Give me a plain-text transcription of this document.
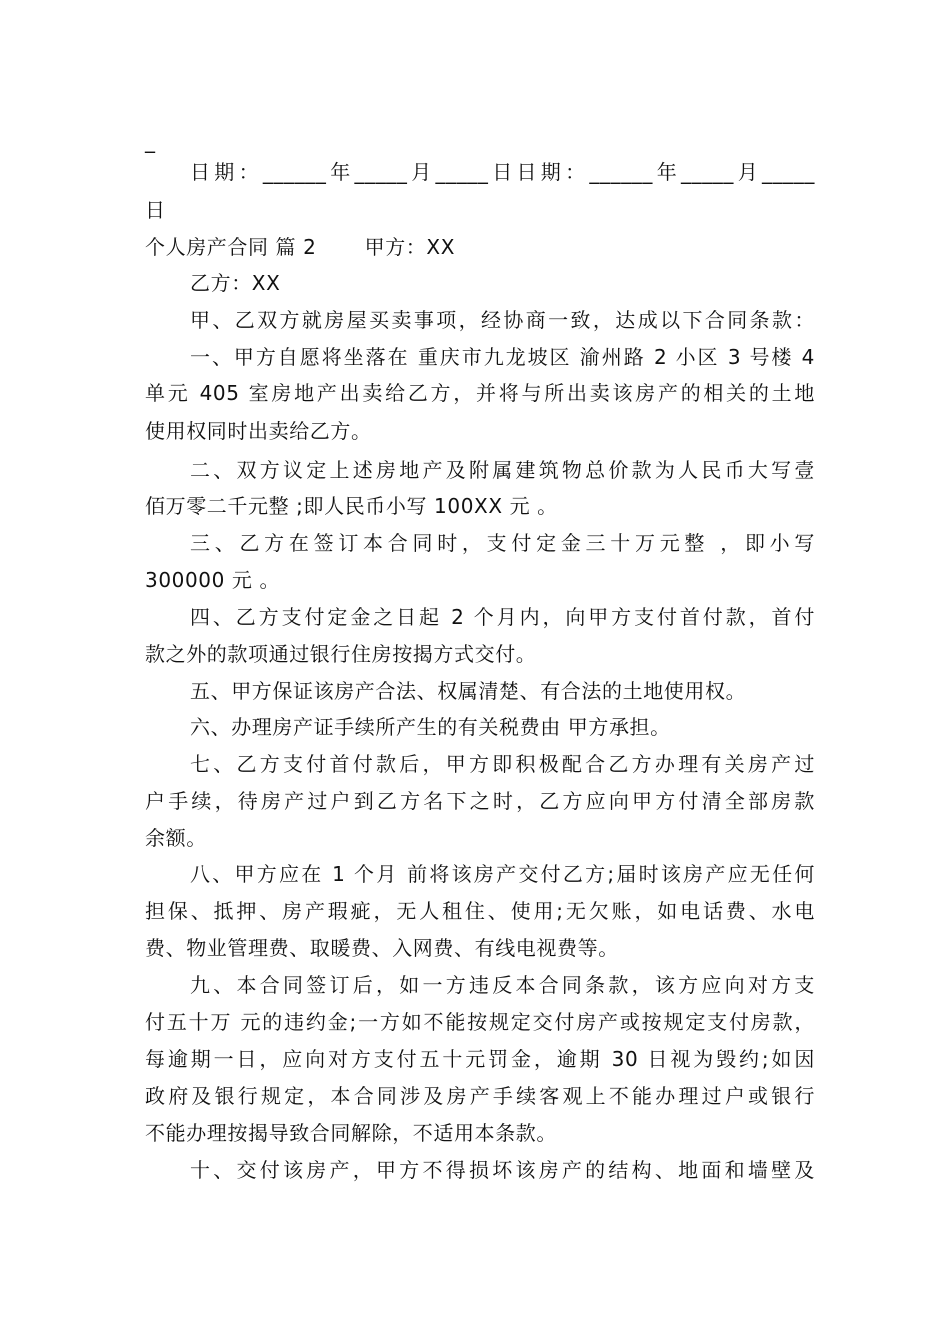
_
日期：______年_____月_____日日期：______年_____月_____
日
个人房产合同 篇 2 　　甲方：XX
乙方：XX
甲、乙双方就房屋买卖事项，经协商一致，达成以下合同条款：
一、甲方自愿将坐落在 重庆市九龙坡区 渝州路 2 小区 3 号楼 4
单元 405 室房地产出卖给乙方，并将与所出卖该房产的相关的土地
使用权同时出卖给乙方。
二、双方议定上述房地产及附属建筑物总价款为人民币大写壹
佰万零二千元整 ;即人民币小写 100XX 元 。
三、乙方在签订本合同时，支付定金三十万元整 ，即小写
300000 元 。
四、乙方支付定金之日起 2 个月内，向甲方支付首付款，首付
款之外的款项通过银行住房按揭方式交付。
五、甲方保证该房产合法、权属清楚、有合法的土地使用权。
六、办理房产证手续所产生的有关税费由 甲方承担。
七、乙方支付首付款后，甲方即积极配合乙方办理有关房产过
户手续，待房产过户到乙方名下之时，乙方应向甲方付清全部房款
余额。
八、甲方应在 1 个月 前将该房产交付乙方;届时该房产应无任何
担保、抵押、房产瑕疵，无人租住、使用;无欠账，如电话费、水电
费、物业管理费、取暖费、入网费、有线电视费等。
九、本合同签订后，如一方违反本合同条款，该方应向对方支
付五十万 元的违约金;一方如不能按规定交付房产或按规定支付房款，
每逾期一日，应向对方支付五十元罚金，逾期 30 日视为毁约;如因
政府及银行规定，本合同涉及房产手续客观上不能办理过户或银行
不能办理按揭导致合同解除，不适用本条款。
十、交付该房产，甲方不得损坏该房产的结构、地面和墙壁及
